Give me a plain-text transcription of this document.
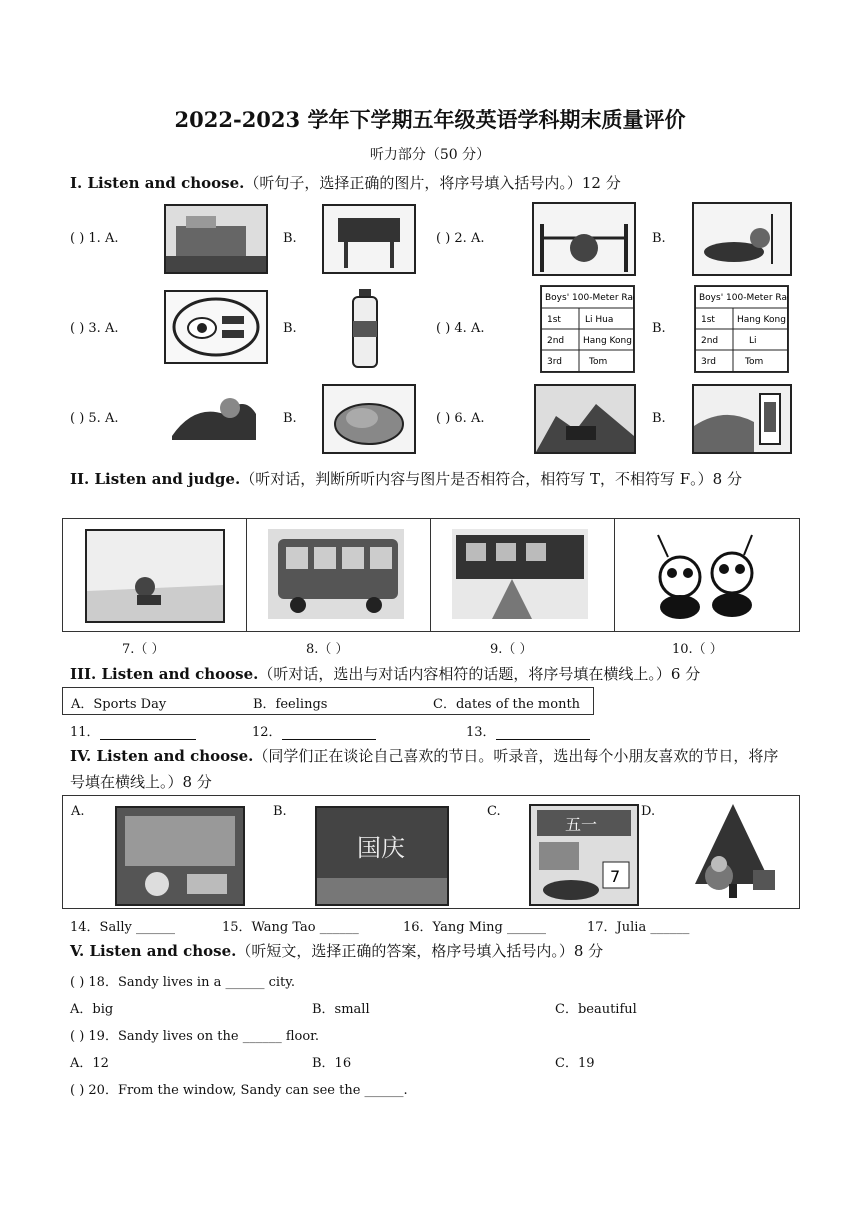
2022-2023 学年下学期五年级英语学科期末质量评价
听力部分（50 分）
I. Listen and choose.（听句子，选择正确的图片，将序号填入括号内。）12 分
( ) 1. A.	B.	( ) 2. A.	B.
( ) 3. A.	B.	( ) 4. A.
Boys' 100-Meter Race
1st	Li Hua
2nd Hang Kong
3rd	Tom
B.
Boys' 100-Meter Race
1st Hang Kong
2nd	Li
3rd	Tom
( ) 5. A.	B.	( ) 6. A.	B.
II. Listen and judge.（听对话，判断所听内容与图片是否相符合，相符写 T，不相符写 F。）8 分
7.（ ）	8.（ ）	9.（ ）	10.（ ）
III. Listen and choose.（听对话，选出与对话内容相符的话题，将序号填在横线上。）6 分
A．Sports Day	B．feelings	C．dates of the month
11．	12．	13．
IV. Listen and choose.（同学们正在谈论自己喜欢的节日。听录音，选出每个小朋友喜欢的节日，将序号填在横线上。）8 分
A.	B.
国庆
C.
五一
7
D.
14．Sally ______	15．Wang Tao ______	16．Yang Ming ______	17．Julia ______
V. Listen and chose.（听短文，选择正确的答案，格序号填入括号内。）8 分
( ) 18．Sandy lives in a ______ city.
A．big	B．small	C．beautiful
( ) 19．Sandy lives on the ______ floor.
A．12	B．16	C．19
( ) 20．From the window, Sandy can see the ______.
